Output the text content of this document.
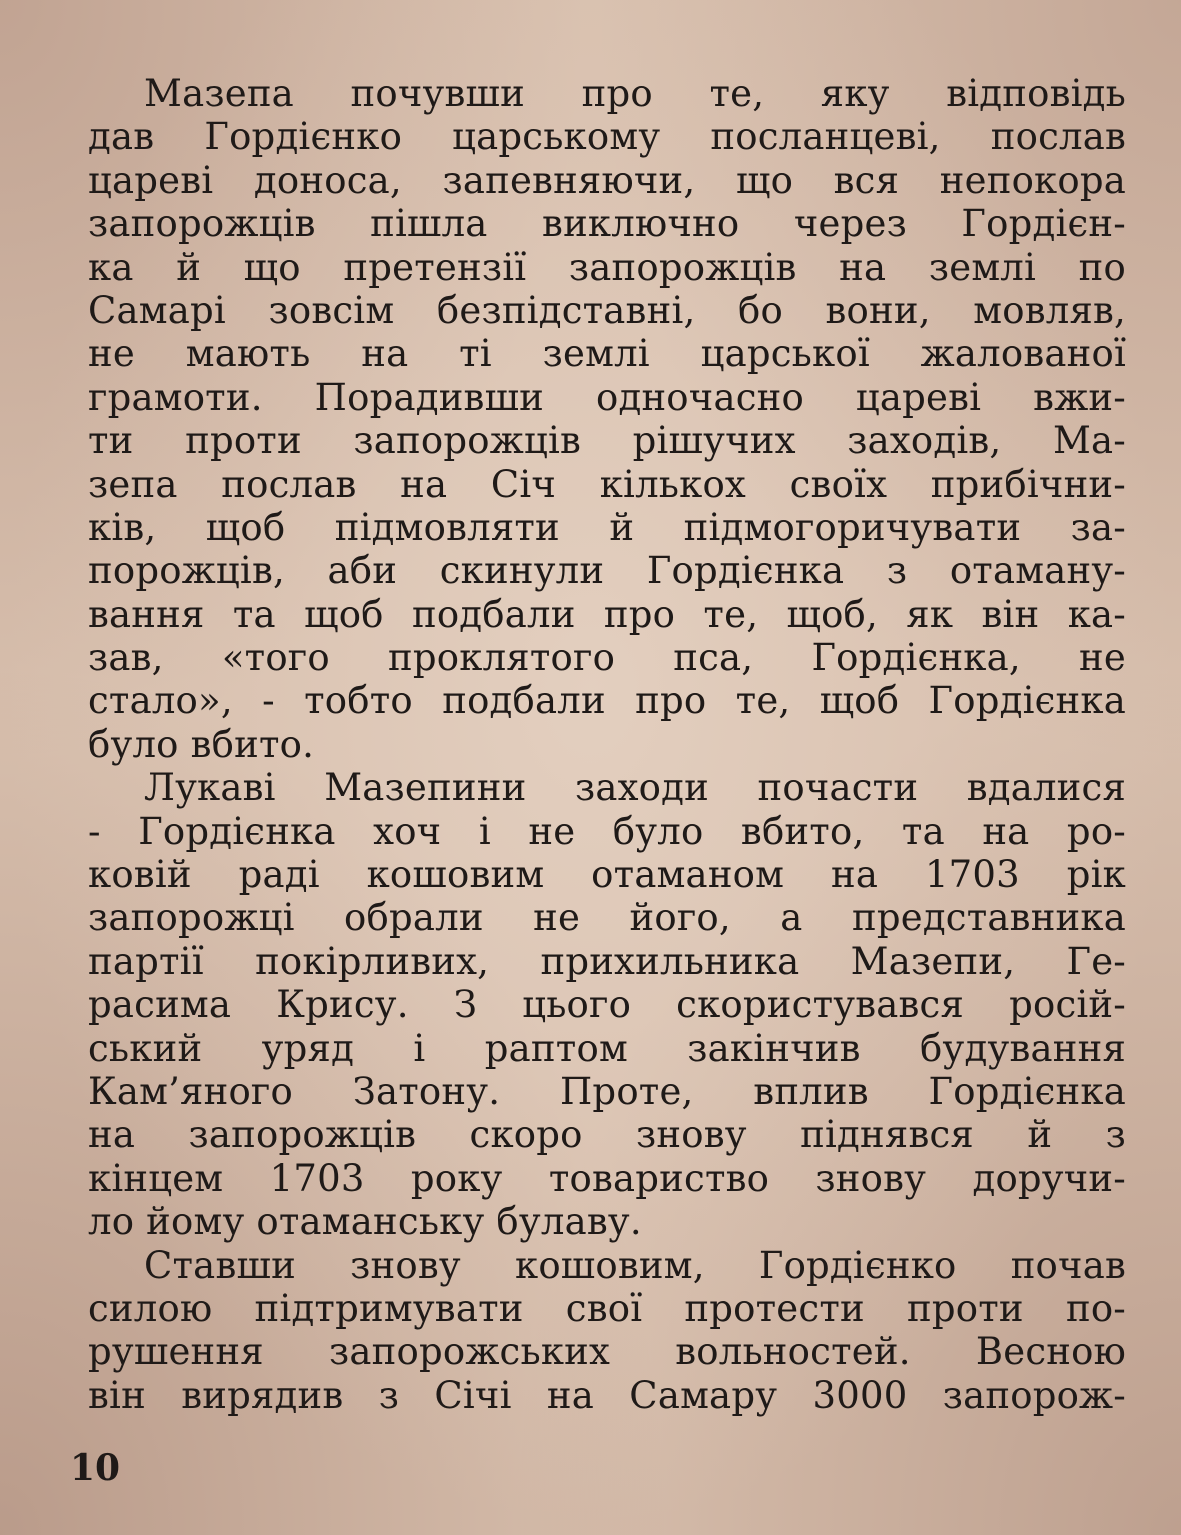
Мазепа почувши про те, яку відповідь
дав Гордієнко царському посланцеві, послав
цареві доноса, запевняючи, що вся непокора
запорожців пішла виключно через Гордієн-
ка й що претензії запорожців на землі по
Самарі зовсім безпідставні, бо вони, мовляв,
не мають на ті землі царської жалованої
грамоти. Порадивши одночасно цареві вжи-
ти проти запорожців рішучих заходів, Ма-
зепа послав на Січ кількох своїх прибічни-
ків, щоб підмовляти й підмогоричувати за-
порожців, аби скинули Гордієнка з отаману-
вання та щоб подбали про те, щоб, як він ка-
зав, «того проклятого пса, Гордієнка, не
стало», - тобто подбали про те, щоб Гордієнка
було вбито.
Лукаві Мазепини заходи почасти вдалися
- Гордієнка хоч і не було вбито, та на ро-
ковій раді кошовим отаманом на 1703 рік
запорожці обрали не його, а представника
партії покірливих, прихильника Мазепи, Ге-
расима Крису. З цього скористувався росій-
ський уряд і раптом закінчив будування
Кам’яного Затону. Проте, вплив Гордієнка
на запорожців скоро знову піднявся й з
кінцем 1703 року товариство знову доручи-
ло йому отаманську булаву.
Ставши знову кошовим, Гордієнко почав
силою підтримувати свої протести проти по-
рушення запорожських вольностей. Весною
він вирядив з Січі на Самару 3000 запорож-
10
